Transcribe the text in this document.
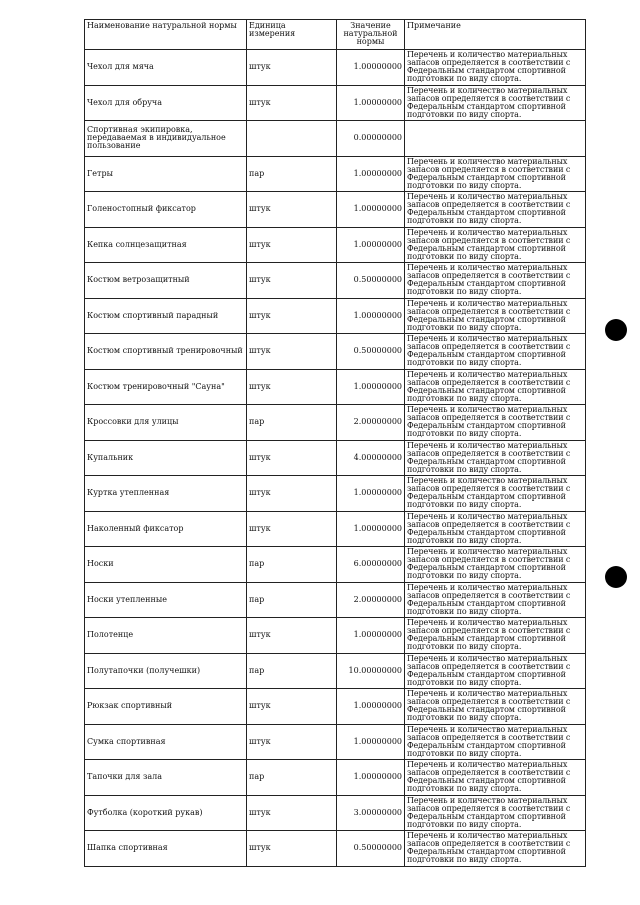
Наименование натуральной нормы	Единица измерения	Значение натуральной нормы	Примечание
Чехол для мяча	штук	1.00000000	Перечень и количество материальных запасов определяется в соответствии с Федеральным стандартом спортивной подготовки по виду спорта.
Чехол для обруча	штук	1.00000000	Перечень и количество материальных запасов определяется в соответствии с Федеральным стандартом спортивной подготовки по виду спорта.
Спортивная экипировка, передаваемая в индивидуальное пользование		0.00000000	
Гетры	пар	1.00000000	Перечень и количество материальных запасов определяется в соответствии с Федеральным стандартом спортивной подготовки по виду спорта.
Голеностопный фиксатор	штук	1.00000000	Перечень и количество материальных запасов определяется в соответствии с Федеральным стандартом спортивной подготовки по виду спорта.
Кепка солнцезащитная	штук	1.00000000	Перечень и количество материальных запасов определяется в соответствии с Федеральным стандартом спортивной подготовки по виду спорта.
Костюм ветрозащитный	штук	0.50000000	Перечень и количество материальных запасов определяется в соответствии с Федеральным стандартом спортивной подготовки по виду спорта.
Костюм спортивный парадный	штук	1.00000000	Перечень и количество материальных запасов определяется в соответствии с Федеральным стандартом спортивной подготовки по виду спорта.
Костюм спортивный тренировочный	штук	0.50000000	Перечень и количество материальных запасов определяется в соответствии с Федеральным стандартом спортивной подготовки по виду спорта.
Костюм тренировочный "Сауна"	штук	1.00000000	Перечень и количество материальных запасов определяется в соответствии с Федеральным стандартом спортивной подготовки по виду спорта.
Кроссовки для улицы	пар	2.00000000	Перечень и количество материальных запасов определяется в соответствии с Федеральным стандартом спортивной подготовки по виду спорта.
Купальник	штук	4.00000000	Перечень и количество материальных запасов определяется в соответствии с Федеральным стандартом спортивной подготовки по виду спорта.
Куртка утепленная	штук	1.00000000	Перечень и количество материальных запасов определяется в соответствии с Федеральным стандартом спортивной подготовки по виду спорта.
Наколенный фиксатор	штук	1.00000000	Перечень и количество материальных запасов определяется в соответствии с Федеральным стандартом спортивной подготовки по виду спорта.
Носки	пар	6.00000000	Перечень и количество материальных запасов определяется в соответствии с Федеральным стандартом спортивной подготовки по виду спорта.
Носки утепленные	пар	2.00000000	Перечень и количество материальных запасов определяется в соответствии с Федеральным стандартом спортивной подготовки по виду спорта.
Полотенце	штук	1.00000000	Перечень и количество материальных запасов определяется в соответствии с Федеральным стандартом спортивной подготовки по виду спорта.
Полутапочки (получешки)	пар	10.00000000	Перечень и количество материальных запасов определяется в соответствии с Федеральным стандартом спортивной подготовки по виду спорта.
Рюкзак спортивный	штук	1.00000000	Перечень и количество материальных запасов определяется в соответствии с Федеральным стандартом спортивной подготовки по виду спорта.
Сумка спортивная	штук	1.00000000	Перечень и количество материальных запасов определяется в соответствии с Федеральным стандартом спортивной подготовки по виду спорта.
Тапочки для зала	пар	1.00000000	Перечень и количество материальных запасов определяется в соответствии с Федеральным стандартом спортивной подготовки по виду спорта.
Футболка (короткий рукав)	штук	3.00000000	Перечень и количество материальных запасов определяется в соответствии с Федеральным стандартом спортивной подготовки по виду спорта.
Шапка спортивная	штук	0.50000000	Перечень и количество материальных запасов определяется в соответствии с Федеральным стандартом спортивной подготовки по виду спорта.
